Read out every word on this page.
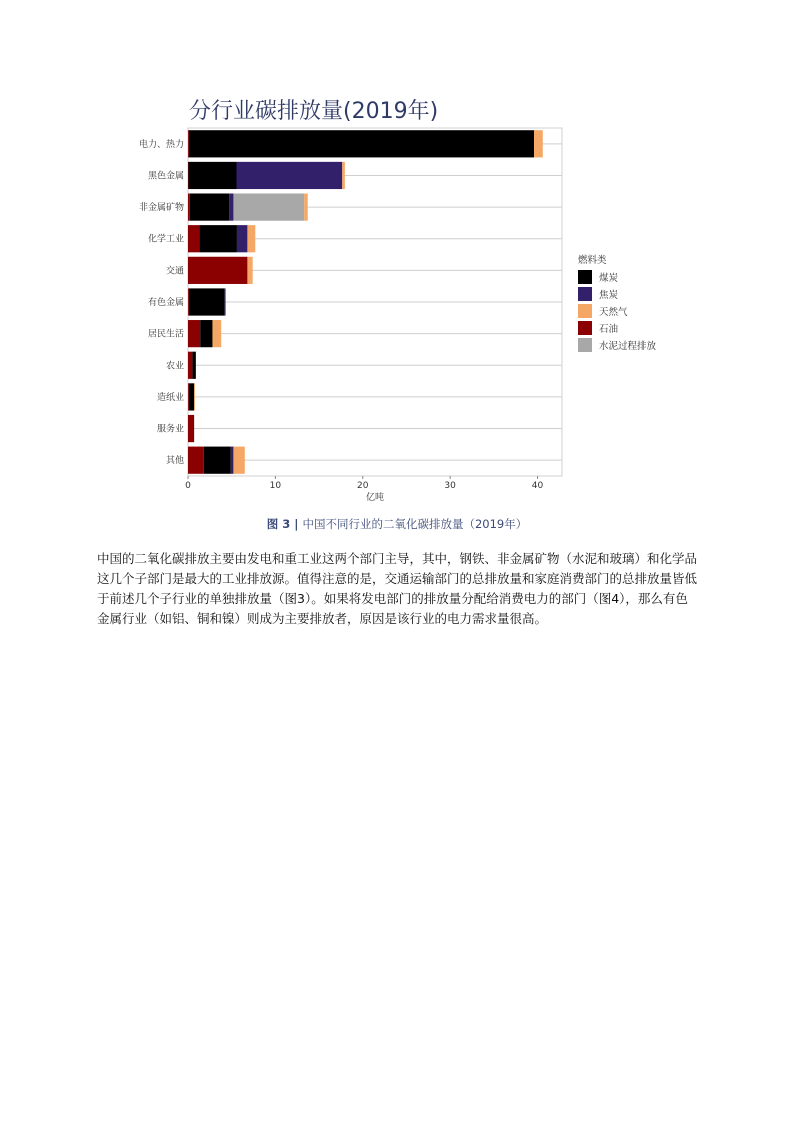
分行业碳排放量(2019年)
电力、热力
黑色金属
非金属矿物
化学工业
交通
有色金属
居民生活
农业
造纸业
服务业
其他
0	10	20	30	40
亿吨
燃料类
煤炭
焦炭
天然气
石油
水泥过程排放
图 3 | 中国不同行业的二氧化碳排放量（2019年）

中国的二氧化碳排放主要由发电和重工业这两个部门主导，其中，钢铁、非金属矿物（水泥和玻璃）和化学品这几个子部门是最大的工业排放源。值得注意的是，交通运输部门的总排放量和家庭消费部门的总排放量皆低于前述几个子行业的单独排放量（图3）。如果将发电部门的排放量分配给消费电力的部门（图4），那么有色金属行业（如铝、铜和镍）则成为主要排放者，原因是该行业的电力需求量很高。
